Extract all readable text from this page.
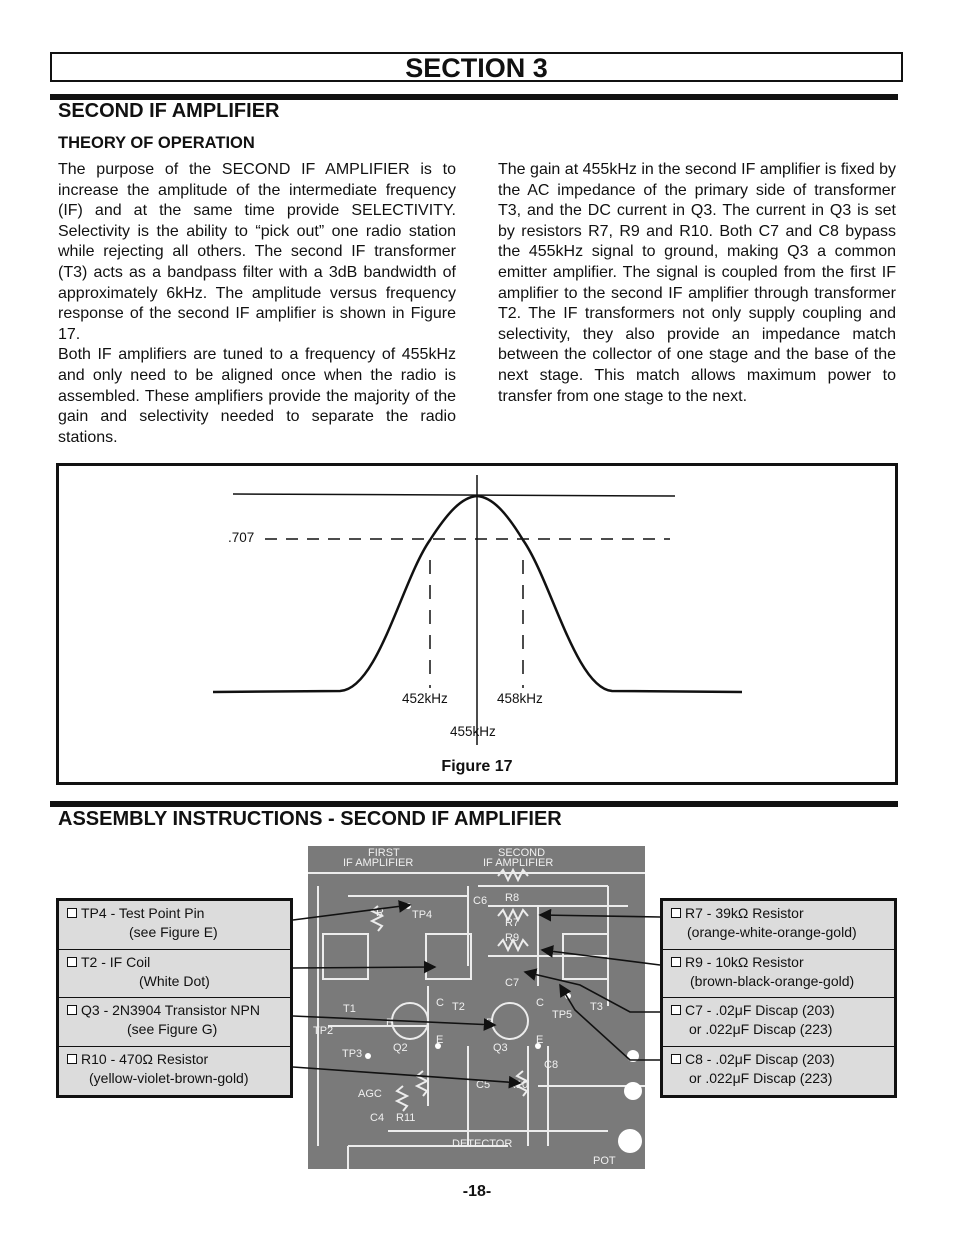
SECTION 3
SECOND IF AMPLIFIER
THEORY OF OPERATION

The purpose of the SECOND IF AMPLIFIER is to increase the amplitude of the intermediate frequency (IF) and at the same time provide SELECTIVITY. Selectivity is the ability to “pick out” one radio station while rejecting all others. The second IF transformer (T3) acts as a bandpass filter with a 3dB bandwidth of approximately 6kHz. The amplitude versus frequency response of the second IF amplifier is shown in Figure 17.

Both IF amplifiers are tuned to a frequency of 455kHz and only need to be aligned once when the radio is assembled. These amplifiers provide the majority of the gain and selectivity needed to separate the radio stations.

The gain at 455kHz in the second IF amplifier is fixed by the AC impedance of the primary side of transformer T3, and the DC current in Q3. The current in Q3 is set by resistors R7, R9 and R10. Both C7 and C8 bypass the 455kHz signal to ground, making Q3 a common emitter amplifier. The signal is coupled from the first IF amplifier to the second IF amplifier through transformer T2. The IF transformers not only supply coupling and selectivity, they also provide an impedance match between the collector of one stage and the base of the next stage. This match allows maximum power to transfer from one stage to the next.

.707
452kHz	458kHz
455kHz
Figure 17
ASSEMBLY INSTRUCTIONS - SECOND IF AMPLIFIER
TP4 - Test Point Pin
(see Figure E)
T2 - IF Coil
(White Dot)
Q3 - 2N3904 Transistor NPN
(see Figure G)
R10 - 470Ω Resistor
(yellow-violet-brown-gold)
R7 - 39kΩ Resistor
(orange-white-orange-gold)
R9 - 10kΩ Resistor
(brown-black-orange-gold)
C7 - .02μF Discap (203)
or .022μF Discap (223)
C8 - .02μF Discap (203)
or .022μF Discap (223)
FIRST
IF AMPLIFIER
SECOND
IF AMPLIFIER
R	TP4
C6 R8
R7
R9
C7
T1	T2	T3
TP5
TP2
Q2	Q3
TP3
AGC
C4 R11
C5 R10
C8
DETECTOR
POT
C
B
E
C
B
E
-18-
